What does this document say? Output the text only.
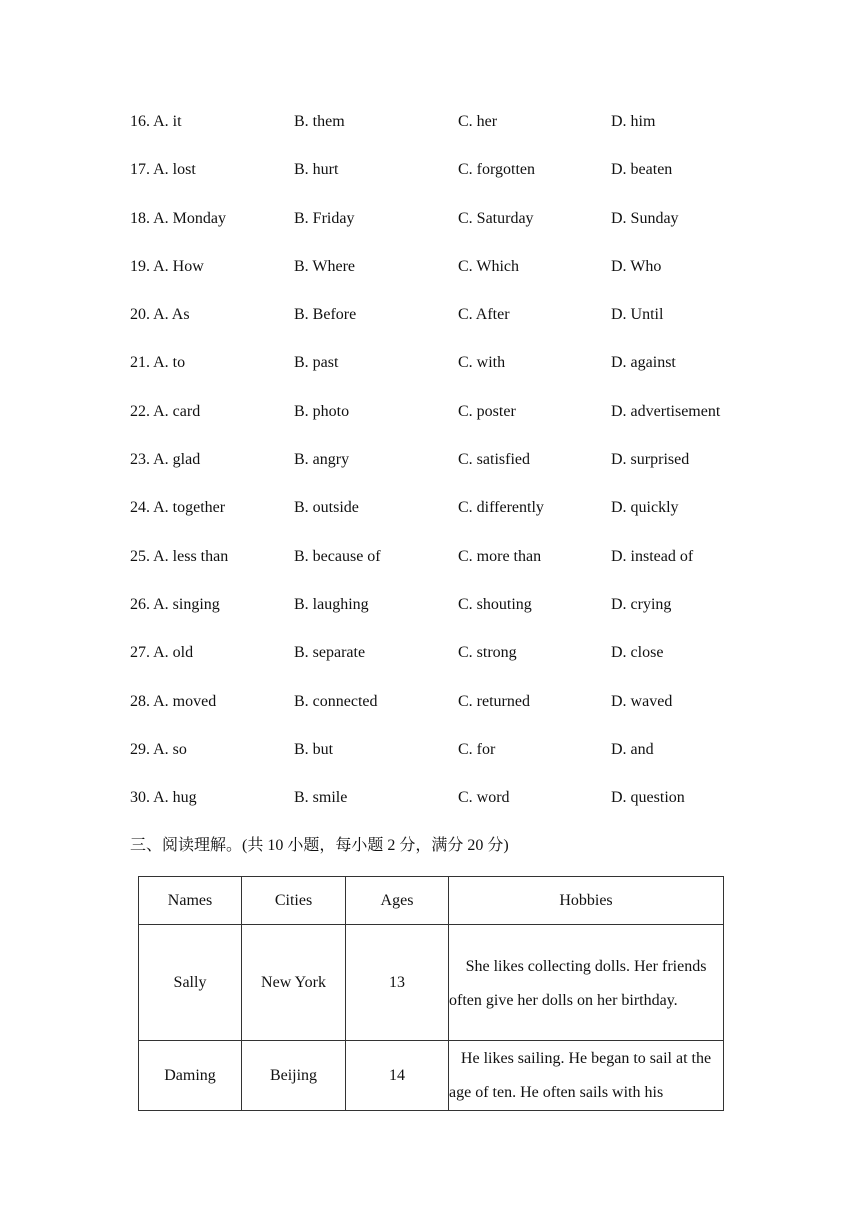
16. A. it	B. them	C. her	D. him
17. A. lost	B. hurt	C. forgotten	D. beaten
18. A. Monday	B. Friday	C. Saturday	D. Sunday
19. A. How	B. Where	C. Which	D. Who
20. A. As	B. Before	C. After	D. Until
21. A. to	B. past	C. with	D. against
22. A. card	B. photo	C. poster	D. advertisement
23. A. glad	B. angry	C. satisfied	D. surprised
24. A. together	B. outside	C. differently	D. quickly
25. A. less than	B. because of	C. more than	D. instead of
26. A. singing	B. laughing	C. shouting	D. crying
27. A. old	B. separate	C. strong	D. close
28. A. moved	B. connected	C. returned	D. waved
29. A. so	B. but	C. for	D. and
30. A. hug	B. smile	C. word	D. question
三、阅读理解。(共 10 小题，每小题 2 分，满分 20 分)
Names	Cities	Ages	Hobbies
Sally	New York	13	She likes collecting dolls. Her friends often give her dolls on her birthday.
Daming	Beijing	14	He likes sailing. He began to sail at the age of ten. He often sails with his
